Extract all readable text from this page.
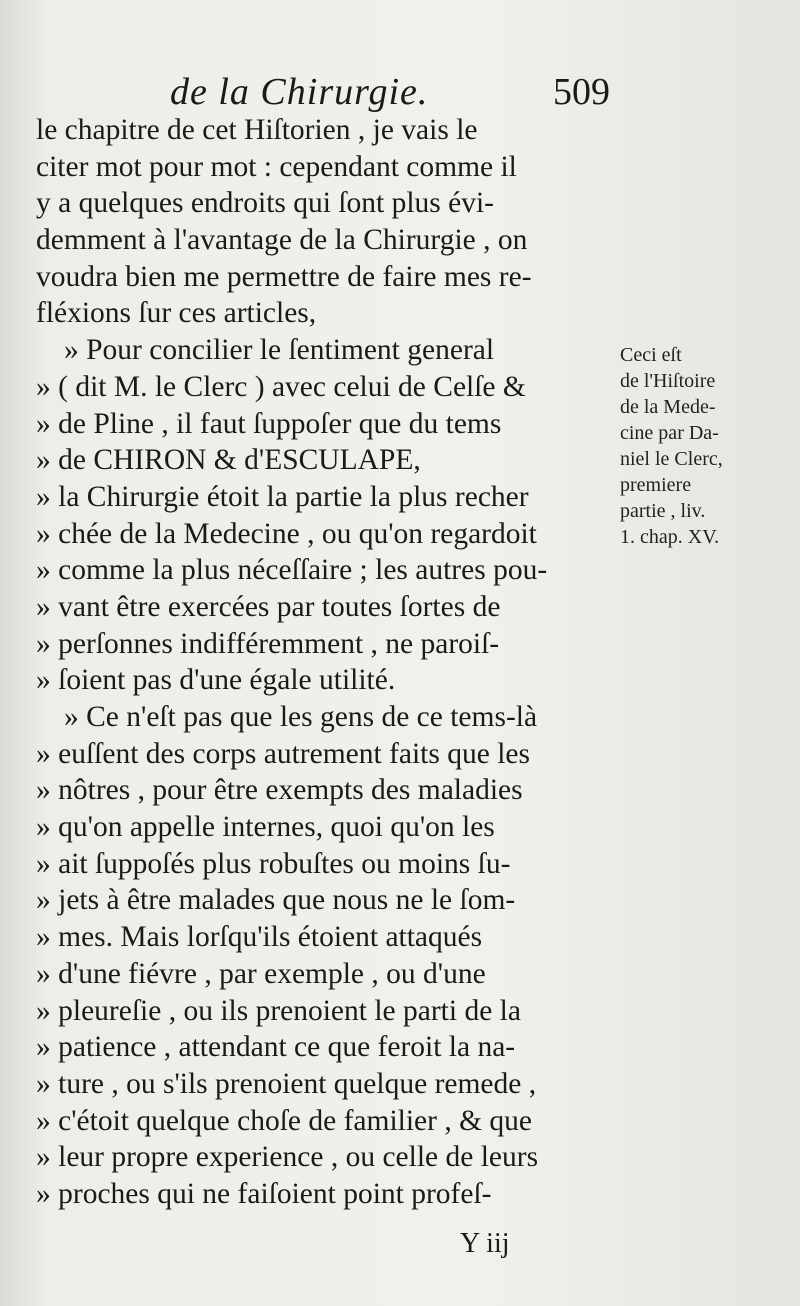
de la Chirurgie.	509
le chapitre de cet Hiſtorien , je vais le
citer mot pour mot : cependant comme il
y a quelques endroits qui ſont plus évi-
demment à l'avantage de la Chirurgie , on
voudra bien me permettre de faire mes re-
fléxions ſur ces articles,
» Pour concilier le ſentiment general
» ( dit M. le Clerc ) avec celui de Celſe &
» de Pline , il faut ſuppoſer que du tems
» de CHIRON & d'ESCULAPE,
» la Chirurgie étoit la partie la plus recher
» chée de la Medecine , ou qu'on regardoit
» comme la plus néceſſaire ; les autres pou-
» vant être exercées par toutes ſortes de
» perſonnes indifféremment , ne paroiſ-
» ſoient pas d'une égale utilité.
» Ce n'eſt pas que les gens de ce tems-là
» euſſent des corps autrement faits que les
» nôtres , pour être exempts des maladies
» qu'on appelle internes, quoi qu'on les
» ait ſuppoſés plus robuſtes ou moins ſu-
» jets à être malades que nous ne le ſom-
» mes. Mais lorſqu'ils étoient attaqués
» d'une fiévre , par exemple , ou d'une
» pleureſie , ou ils prenoient le parti de la
» patience , attendant ce que feroit la na-
» ture , ou s'ils prenoient quelque remede ,
» c'étoit quelque choſe de familier , & que
» leur propre experience , ou celle de leurs
» proches qui ne faiſoient point profeſ-
Ceci eſt
de l'Hiſtoire
de la Mede-
cine par Da-
niel le Clerc,
premiere
partie , liv.
1. chap. XV.
Y iij
